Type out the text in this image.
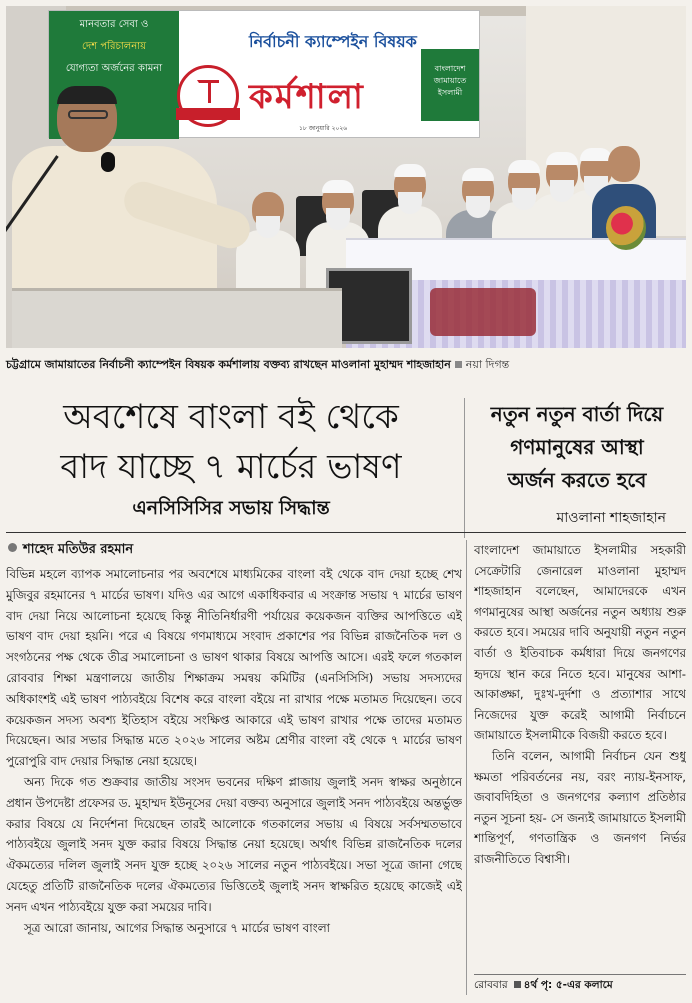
মানবতার সেবা ও
দেশ পরিচালনায়
যোগ্যতা অর্জনের কামনা
নির্বাচনী ক্যাম্পেইন বিষয়ক
কর্মশালা
১৮ জানুয়ারি ২০২৬
বাংলাদেশ জামায়াতে ইসলামী
চট্টগ্রামে জামায়াতের নির্বাচনী ক্যাম্পেইন বিষয়ক কর্মশালায় বক্তব্য রাখছেন মাওলানা মুহাম্মদ শাহজাহান নয়া দিগন্ত
অবশেষে বাংলা বই থেকে
বাদ যাচ্ছে ৭ মার্চের ভাষণ
এনসিসিসির সভায় সিদ্ধান্ত
নতুন নতুন বার্তা দিয়ে
গণমানুষের আস্থা
অর্জন করতে হবে
মাওলানা শাহজাহান
শাহেদ মতিউর রহমান

বিভিন্ন মহলে ব্যাপক সমালোচনার পর অবশেষে মাধ্যমিকের বাংলা বই থেকে বাদ দেয়া হচ্ছে শেখ মুজিবুর রহমানের ৭ মার্চের ভাষণ। যদিও এর আগে একাধিকবার এ সংক্রান্ত সভায় ৭ মার্চের ভাষণ বাদ দেয়া নিয়ে আলোচনা হয়েছে কিন্তু নীতিনির্ধারণী পর্যায়ের কয়েকজন ব্যক্তির আপত্তিতে এই ভাষণ বাদ দেয়া হয়নি। পরে এ বিষয়ে গণমাধ্যমে সংবাদ প্রকাশের পর বিভিন্ন রাজনৈতিক দল ও সংগঠনের পক্ষ থেকে তীব্র সমালোচনা ও ভাষণ থাকার বিষয়ে আপত্তি আসে। এরই ফলে গতকাল রোববার শিক্ষা মন্ত্রণালয়ে জাতীয় শিক্ষাক্রম সমন্বয় কমিটির (এনসিসিসি) সভায় সদস্যদের অধিকাংশই এই ভাষণ পাঠ্যবইয়ে বিশেষ করে বাংলা বইয়ে না রাখার পক্ষে মতামত দিয়েছেন। তবে কয়েকজন সদস্য অবশ্য ইতিহাস বইয়ে সংক্ষিপ্ত আকারে এই ভাষণ রাখার পক্ষে তাদের মতামত দিয়েছেন। আর সভার সিদ্ধান্ত মতে ২০২৬ সালের অষ্টম শ্রেণীর বাংলা বই থেকে ৭ মার্চের ভাষণ পুরোপুরি বাদ দেয়ার সিদ্ধান্ত নেয়া হয়েছে।

অন্য দিকে গত শুক্রবার জাতীয় সংসদ ভবনের দক্ষিণ প্লাজায় জুলাই সনদ স্বাক্ষর অনুষ্ঠানে প্রধান উপদেষ্টা প্রফেসর ড. মুহাম্মদ ইউনূসের দেয়া বক্তব্য অনুসারে জুলাই সনদ পাঠ্যবইয়ে অন্তর্ভুক্ত করার বিষয়ে যে নির্দেশনা দিয়েছেন তারই আলোকে গতকালের সভায় এ বিষয়ে সর্বসম্মতভাবে পাঠ্যবইয়ে জুলাই সনদ যুক্ত করার বিষয়ে সিদ্ধান্ত নেয়া হয়েছে। অর্থাৎ বিভিন্ন রাজনৈতিক দলের ঐকমত্যের দলিল জুলাই সনদ যুক্ত হচ্ছে ২০২৬ সালের নতুন পাঠ্যবইয়ে। সভা সূত্রে জানা গেছে যেহেতু প্রতিটি রাজনৈতিক দলের ঐকমত্যের ভিত্তিতেই জুলাই সনদ স্বাক্ষরিত হয়েছে কাজেই এই সনদ এখন পাঠ্যবইয়ে যুক্ত করা সময়ের দাবি।

সূত্র আরো জানায়, আগের সিদ্ধান্ত অনুসারে ৭ মার্চের ভাষণ বাংলা

বাংলাদেশ জামায়াতে ইসলামীর সহকারী সেক্রেটারি জেনারেল মাওলানা মুহাম্মদ শাহজাহান বলেছেন, আমাদেরকে এখন গণমানুষের আস্থা অর্জনের নতুন অধ্যায় শুরু করতে হবে। সময়ের দাবি অনুযায়ী নতুন নতুন বার্তা ও ইতিবাচক কর্মধারা দিয়ে জনগণের হৃদয়ে স্থান করে নিতে হবে। মানুষের আশা-আকাঙ্ক্ষা, দুঃখ-দুর্দশা ও প্রত্যাশার সাথে নিজেদের যুক্ত করেই আগামী নির্বাচনে জামায়াতে ইসলামীকে বিজয়ী করতে হবে।

তিনি বলেন, আগামী নির্বাচন যেন শুধু ক্ষমতা পরিবর্তনের নয়, বরং ন্যায়-ইনসাফ, জবাবদিহিতা ও জনগণের কল্যাণ প্রতিষ্ঠার নতুন সূচনা হয়- সে জন্যই জামায়াতে ইসলামী শান্তিপূর্ণ, গণতান্ত্রিক ও জনগণ নির্ভর রাজনীতিতে বিশ্বাসী।

রোববার ৪র্থ পৃ: ৫-এর কলামে
